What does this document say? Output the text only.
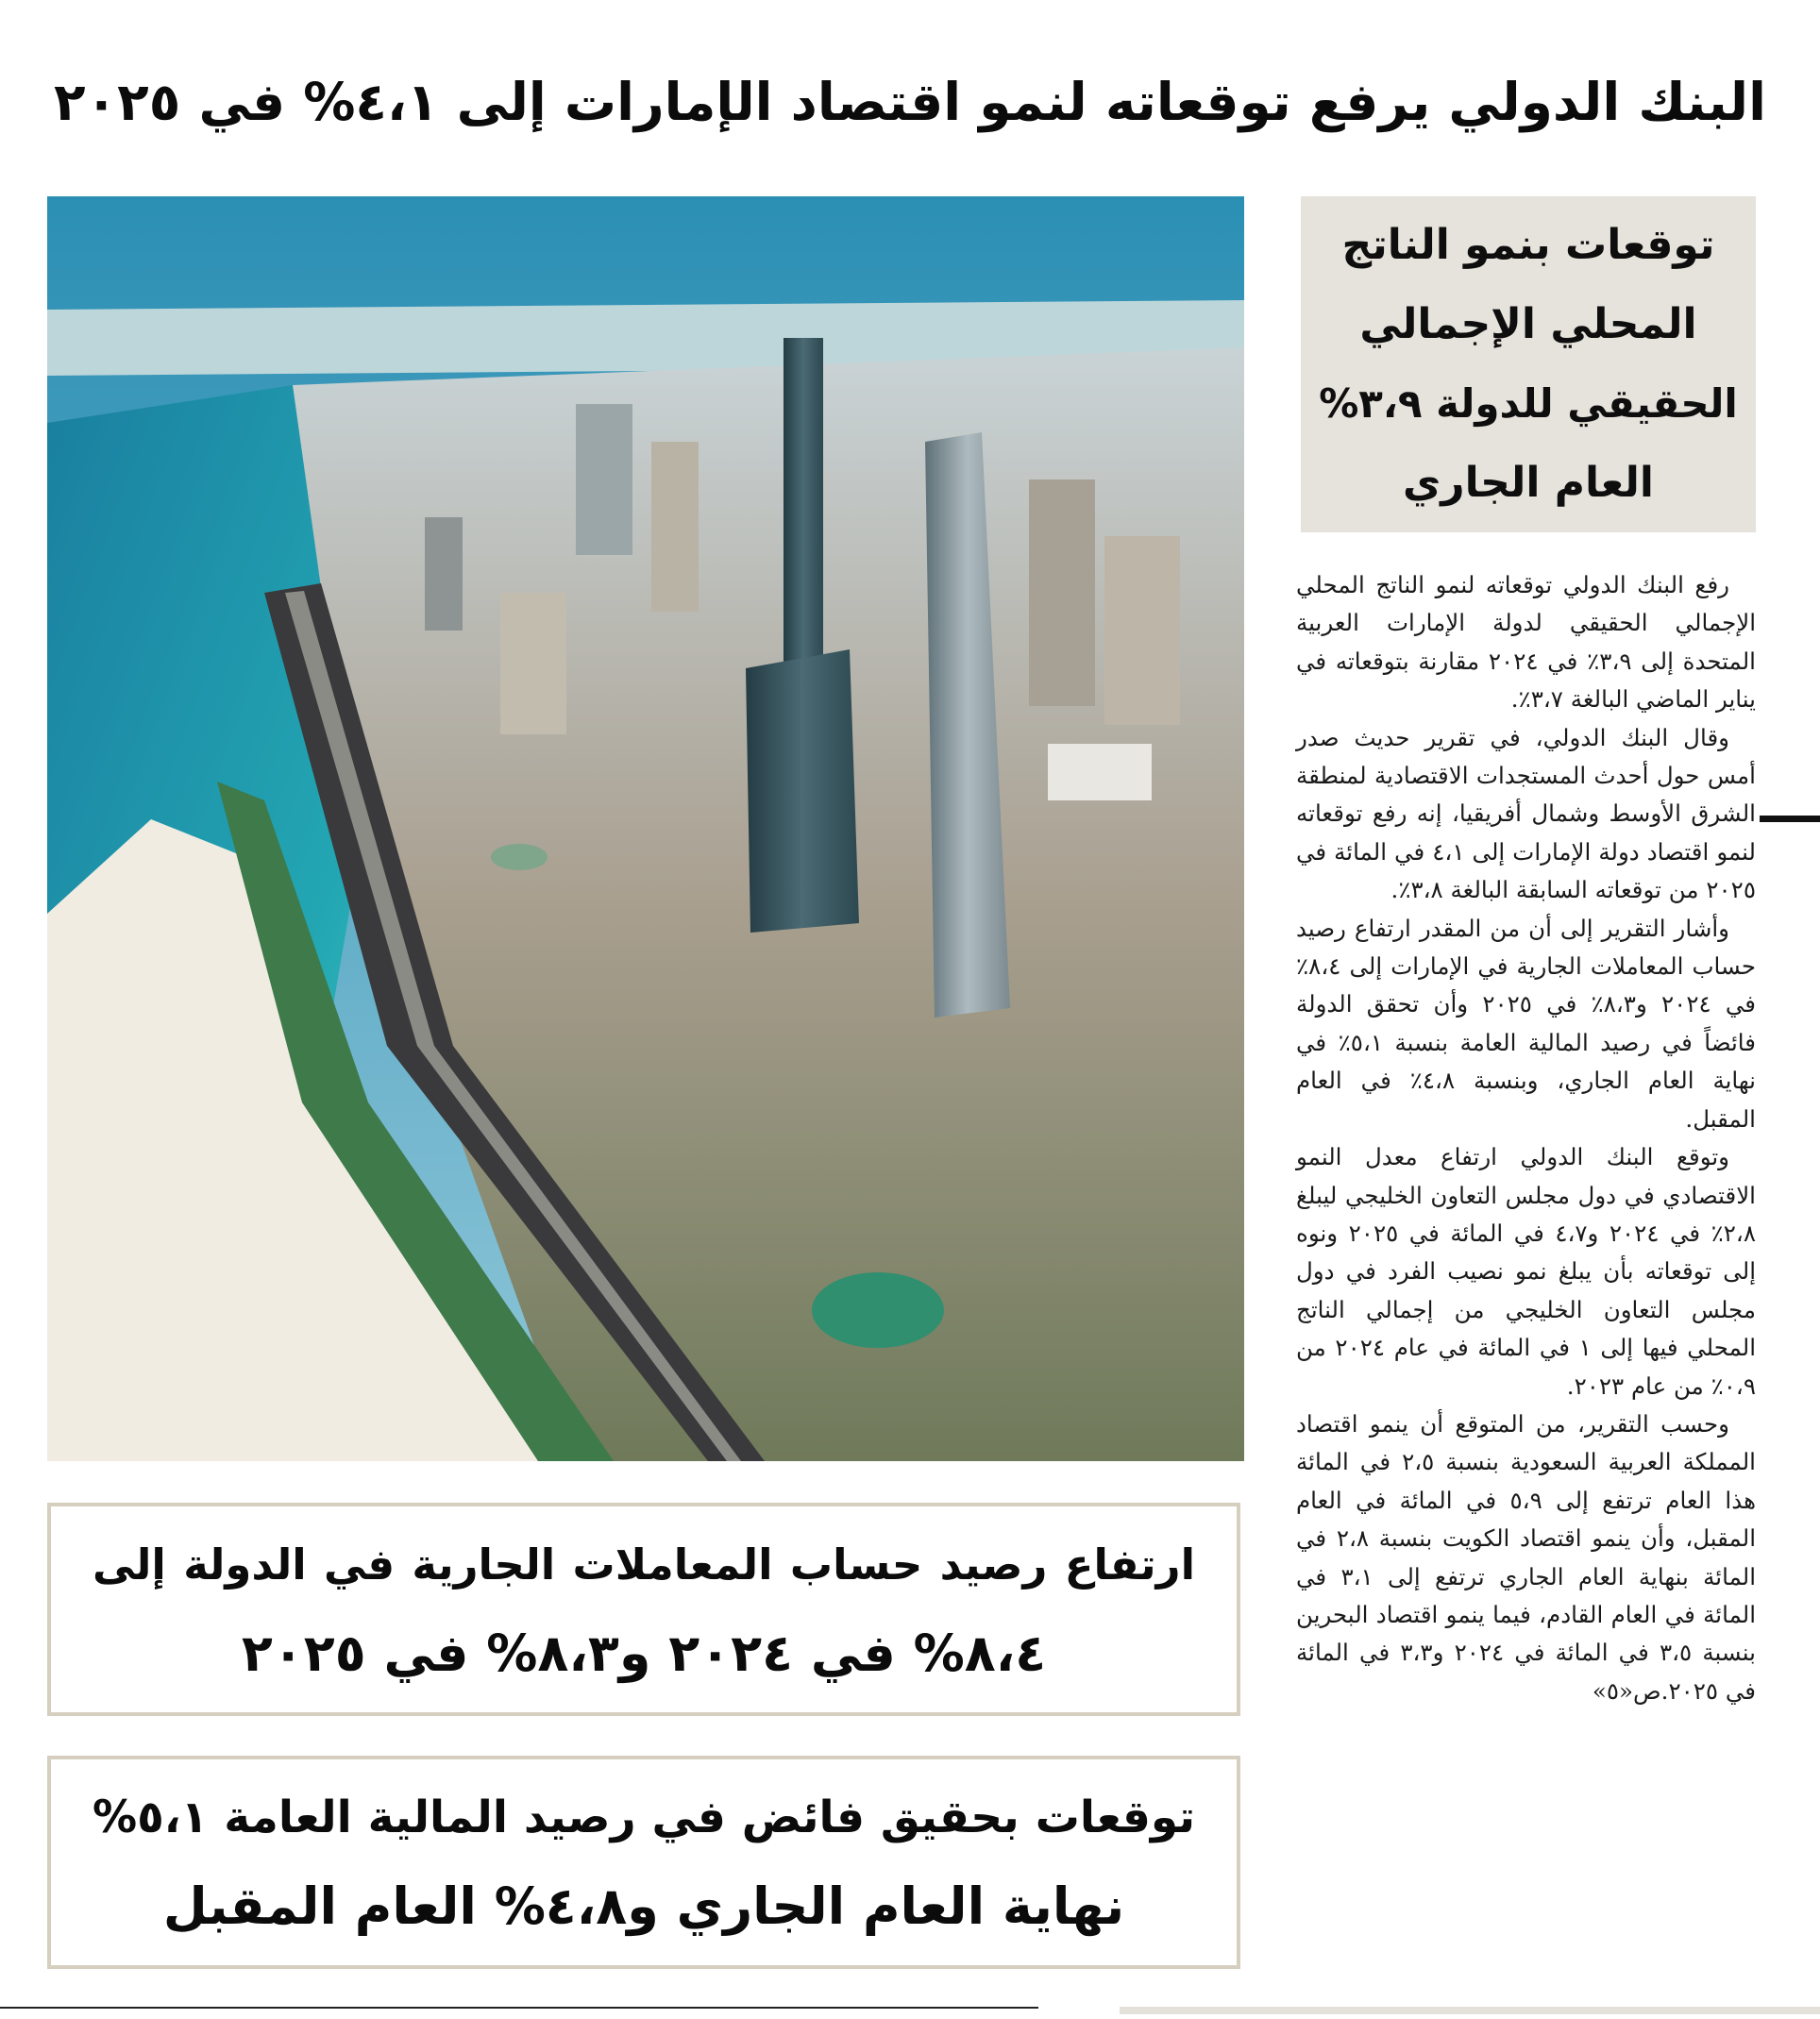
البنك الدولي يرفع توقعاته لنمو اقتصاد الإمارات إلى ٤،١% في ٢٠٢٥
توقعات بنمو الناتج
المحلي الإجمالي
الحقيقي للدولة ٣،٩%
العام الجاري

رفع البنك الدولي توقعاته لنمو الناتج المحلي الإجمالي الحقيقي لدولة الإمارات العربية المتحدة إلى ٣،٩٪ في ٢٠٢٤ مقارنة بتوقعاته في يناير الماضي البالغة ٣،٧٪.

وقال البنك الدولي، في تقرير حديث صدر أمس حول أحدث المستجدات الاقتصادية لمنطقة الشرق الأوسط وشمال أفريقيا، إنه رفع توقعاته لنمو اقتصاد دولة الإمارات إلى ٤،١ في المائة في ٢٠٢٥ من توقعاته السابقة البالغة ٣،٨٪.

وأشار التقرير إلى أن من المقدر ارتفاع رصيد حساب المعاملات الجارية في الإمارات إلى ٨،٤٪ في ٢٠٢٤ و٨،٣٪ في ٢٠٢٥ وأن تحقق الدولة فائضاً في رصيد المالية العامة بنسبة ٥،١٪ في نهاية العام الجاري، وبنسبة ٤،٨٪ في العام المقبل.

وتوقع البنك الدولي ارتفاع معدل النمو الاقتصادي في دول مجلس التعاون الخليجي ليبلغ ٢،٨٪ في ٢٠٢٤ و٤،٧ في المائة في ٢٠٢٥ ونوه إلى توقعاته بأن يبلغ نمو نصيب الفرد في دول مجلس التعاون الخليجي من إجمالي الناتج المحلي فيها إلى ١ في المائة في عام ٢٠٢٤ من ٠،٩٪ من عام ٢٠٢٣.

وحسب التقرير، من المتوقع أن ينمو اقتصاد المملكة العربية السعودية بنسبة ٢،٥ في المائة هذا العام ترتفع إلى ٥،٩ في المائة في العام المقبل، وأن ينمو اقتصاد الكويت بنسبة ٢،٨ في المائة بنهاية العام الجاري ترتفع إلى ٣،١ في المائة في العام القادم، فيما ينمو اقتصاد البحرين بنسبة ٣،٥ في المائة في ٢٠٢٤ و٣،٣ في المائة في ٢٠٢٥.ص«٥»

ارتفاع رصيد حساب المعاملات الجارية في الدولة إلى
٨،٤% في ٢٠٢٤ و٨،٣% في ٢٠٢٥
توقعات بحقيق فائض في رصيد المالية العامة ٥،١%
نهاية العام الجاري و٤،٨% العام المقبل
